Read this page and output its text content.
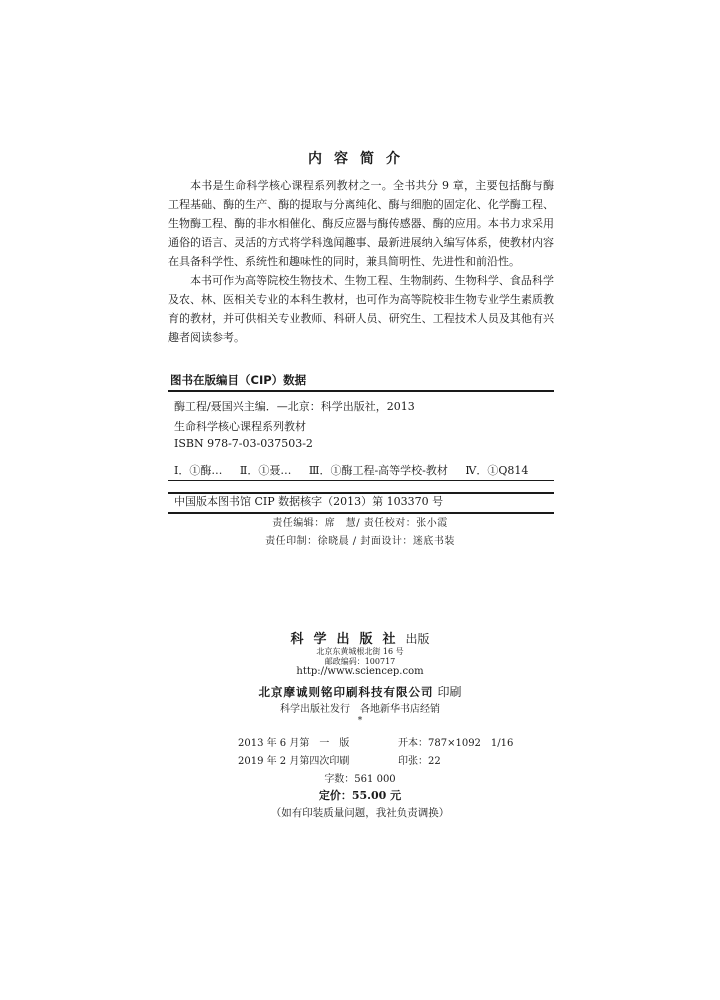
内容简介

本书是生命科学核心课程系列教材之一。全书共分 9 章，主要包括酶与酶工程基础、酶的生产、酶的提取与分离纯化、酶与细胞的固定化、化学酶工程、生物酶工程、酶的非水相催化、酶反应器与酶传感器、酶的应用。本书力求采用通俗的语言、灵活的方式将学科逸闻趣事、最新进展纳入编写体系，使教材内容在具备科学性、系统性和趣味性的同时，兼具简明性、先进性和前沿性。

本书可作为高等院校生物技术、生物工程、生物制药、生物科学、食品科学及农、林、医相关专业的本科生教材，也可作为高等院校非生物专业学生素质教育的教材，并可供相关专业教师、科研人员、研究生、工程技术人员及其他有兴趣者阅读参考。

图书在版编目（CIP）数据
酶工程/聂国兴主编．—北京：科学出版社，2013
生命科学核心课程系列教材
ISBN 978-7-03-037503-2
Ⅰ．①酶… Ⅱ．①聂… Ⅲ．①酶工程-高等学校-教材 Ⅳ．①Q814
中国版本图书馆 CIP 数据核字（2013）第 103370 号
责任编辑：席　慧/ 责任校对：张小霞
责任印制：徐晓晨 / 封面设计：迷底书装
科学出版社出版
北京东黄城根北街 16 号
邮政编码：100717
http://www.sciencep.com
北京摩诚则铭印刷科技有限公司 印刷
科学出版社发行　各地新华书店经销
*
2013 年 6 月第　一　版	开本：787×1092　1/16
2019 年 2 月第四次印刷	印张：22
字数：561 000
定价：55.00 元
（如有印装质量问题，我社负责调换）
